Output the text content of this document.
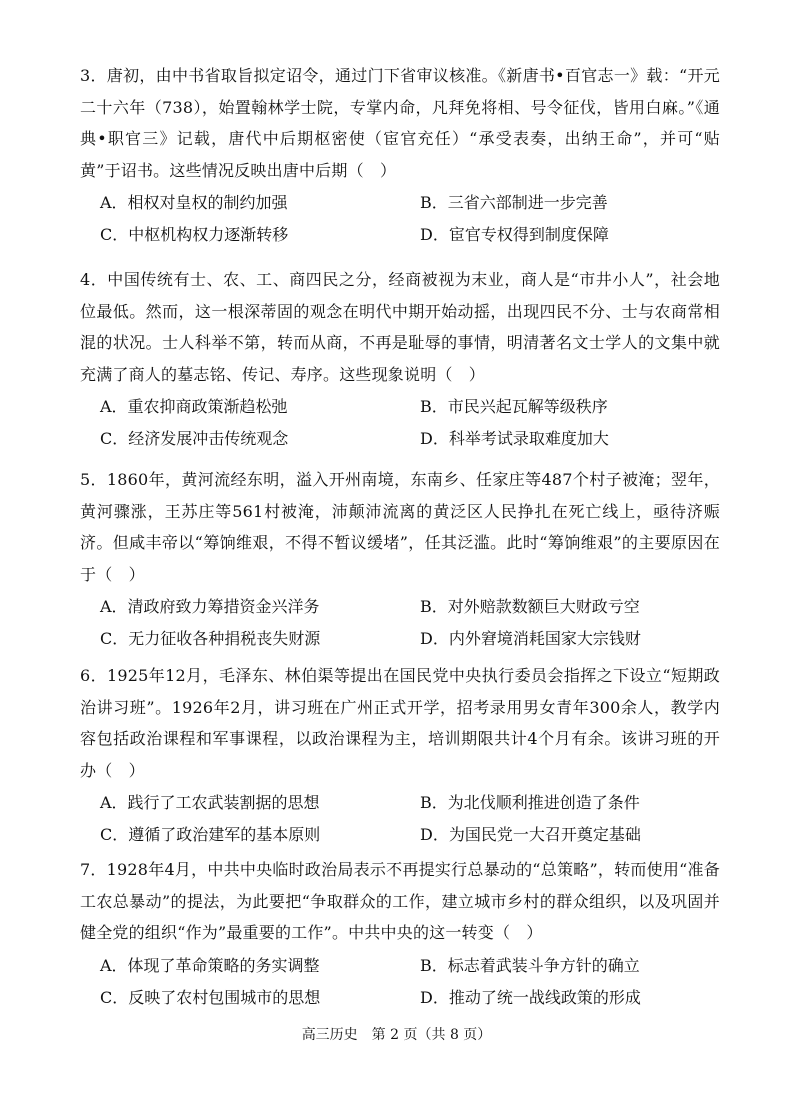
3．唐初，由中书省取旨拟定诏令，通过门下省审议核准。《新唐书•百官志一》载：“开元二十六年（738），始置翰林学士院，专掌内命，凡拜免将相、号令征伐，皆用白麻。”《通典•职官三》记载，唐代中后期枢密使（宦官充任）“承受表奏，出纳王命”，并可“贴黄”于诏书。这些情况反映出唐中后期（　）

A．相权对皇权的制约加强	B．三省六部制进一步完善
C．中枢机构权力逐渐转移	D．宦官专权得到制度保障

4．中国传统有士、农、工、商四民之分，经商被视为末业，商人是“市井小人”，社会地位最低。然而，这一根深蒂固的观念在明代中期开始动摇，出现四民不分、士与农商常相混的状况。士人科举不第，转而从商，不再是耻辱的事情，明清著名文士学人的文集中就充满了商人的墓志铭、传记、寿序。这些现象说明（　）

A．重农抑商政策渐趋松弛	B．市民兴起瓦解等级秩序
C．经济发展冲击传统观念	D．科举考试录取难度加大

5．1860年，黄河流经东明，溢入开州南境，东南乡、任家庄等487个村子被淹；翌年，黄河骤涨，王苏庄等561村被淹，沛颠沛流离的黄泛区人民挣扎在死亡线上，亟待济赈济。但咸丰帝以“筹饷维艰，不得不暂议缓堵”，任其泛滥。此时“筹饷维艰”的主要原因在于（　）

A．清政府致力筹措资金兴洋务	B．对外赔款数额巨大财政亏空
C．无力征收各种捐税丧失财源	D．内外窘境消耗国家大宗钱财

6．1925年12月，毛泽东、林伯渠等提出在国民党中央执行委员会指挥之下设立“短期政治讲习班”。1926年2月，讲习班在广州正式开学，招考录用男女青年300余人，教学内容包括政治课程和军事课程，以政治课程为主，培训期限共计4个月有余。该讲习班的开办（　）

A．践行了工农武装割据的思想	B．为北伐顺利推进创造了条件
C．遵循了政治建军的基本原则	D．为国民党一大召开奠定基础

7．1928年4月，中共中央临时政治局表示不再提实行总暴动的“总策略”，转而使用“准备工农总暴动”的提法，为此要把“争取群众的工作，建立城市乡村的群众组织，以及巩固并健全党的组织“作为”最重要的工作”。中共中央的这一转变（　）

A．体现了革命策略的务实调整	B．标志着武装斗争方针的确立
C．反映了农村包围城市的思想	D．推动了统一战线政策的形成
高三历史　第 2 页（共 8 页）
